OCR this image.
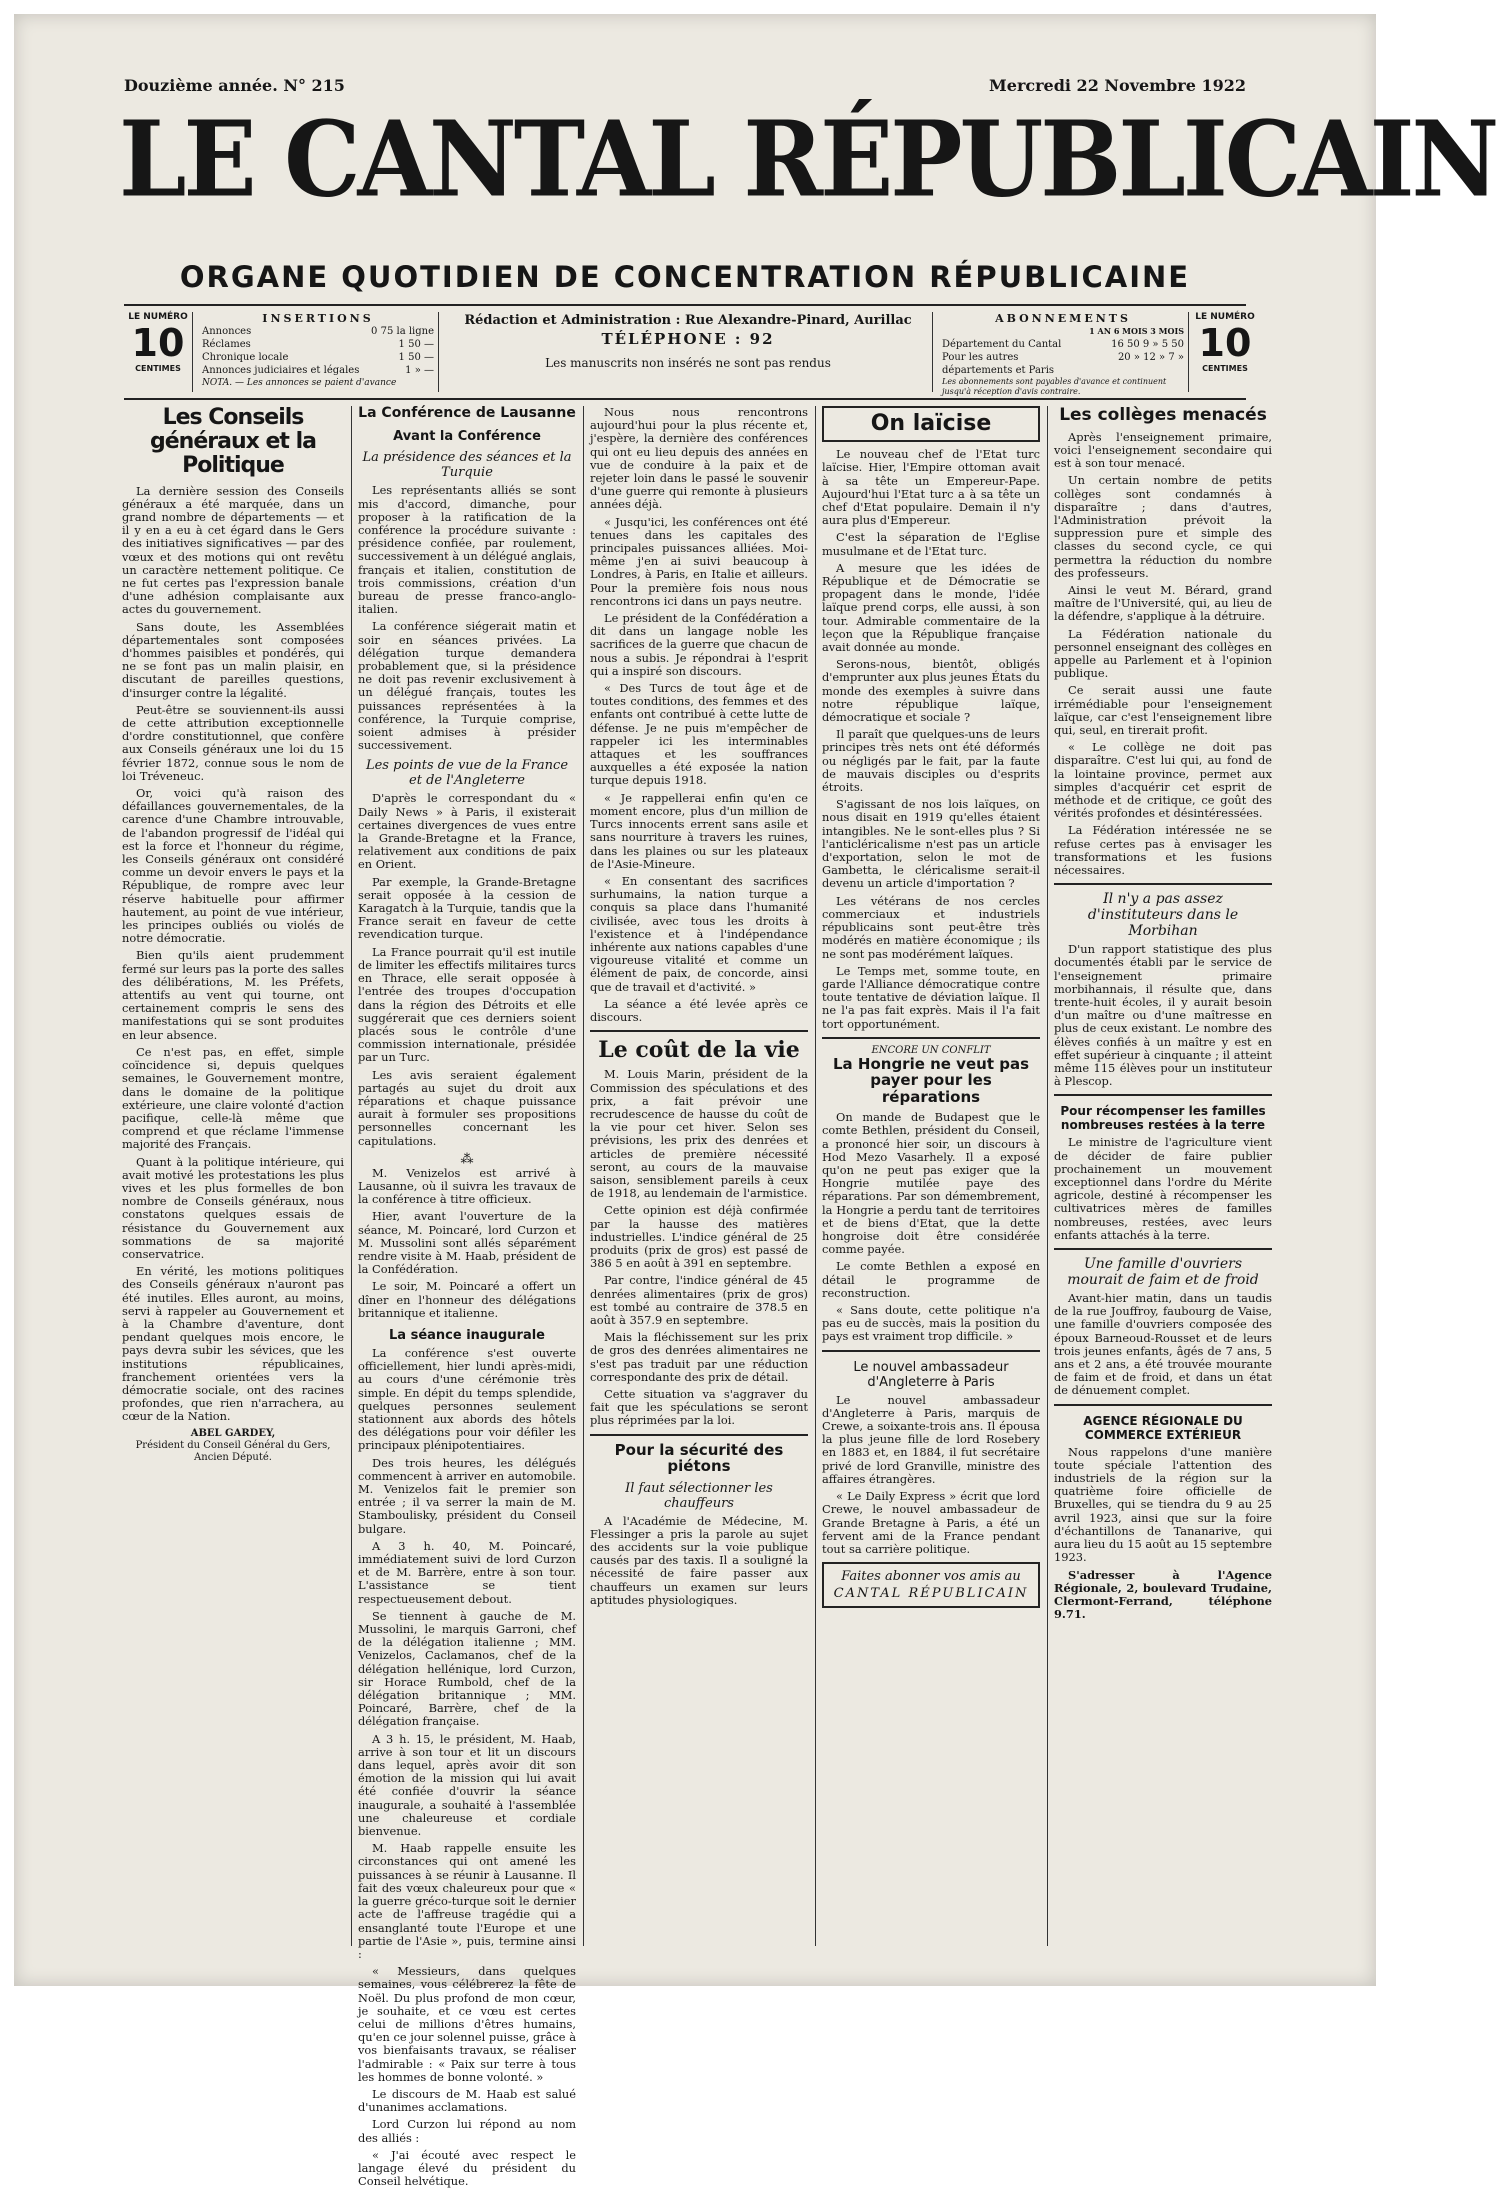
Douzième année. N° 215	Mercredi 22 Novembre 1922
LE CANTAL RÉPUBLICAIN
ORGANE QUOTIDIEN DE CONCENTRATION RÉPUBLICAINE
LE NUMÉRO
10
CENTIMES
INSERTIONS
Annonces	0 75 la ligne
Réclames	1 50 —
Chronique locale	1 50 —
Annonces judiciaires et légales	1 » —
NOTA. — Les annonces se paient d'avance
Rédaction et Administration : Rue Alexandre-Pinard, Aurillac
TÉLÉPHONE : 92
Les manuscrits non insérés ne sont pas rendus
ABONNEMENTS
1 AN 6 MOIS 3 MOIS
Département du Cantal	16 50 9 » 5 50
Pour les autres départements et Paris
20 » 12 » 7 »
Les abonnements sont payables d'avance et continuent jusqu'à réception d'avis contraire.
LE NUMÉRO
10
CENTIMES
Les Conseils généraux et la Politique

La dernière session des Conseils généraux a été marquée, dans un grand nombre de départements — et il y en a eu à cet égard dans le Gers des initiatives significatives — par des vœux et des motions qui ont revêtu un caractère nettement politique. Ce ne fut certes pas l'expression banale d'une adhésion complaisante aux actes du gouvernement.

Sans doute, les Assemblées départementales sont composées d'hommes paisibles et pondérés, qui ne se font pas un malin plaisir, en discutant de pareilles questions, d'insurger contre la légalité.

Peut-être se souviennent-ils aussi de cette attribution exceptionnelle d'ordre constitutionnel, que confère aux Conseils généraux une loi du 15 février 1872, connue sous le nom de loi Tréveneuc.

Or, voici qu'à raison des défaillances gouvernementales, de la carence d'une Chambre introuvable, de l'abandon progressif de l'idéal qui est la force et l'honneur du régime, les Conseils généraux ont considéré comme un devoir envers le pays et la République, de rompre avec leur réserve habituelle pour affirmer hautement, au point de vue intérieur, les principes oubliés ou violés de notre démocratie.

Bien qu'ils aient prudemment fermé sur leurs pas la porte des salles des délibérations, M. les Préfets, attentifs au vent qui tourne, ont certainement compris le sens des manifestations qui se sont produites en leur absence.

Ce n'est pas, en effet, simple coïncidence si, depuis quelques semaines, le Gouvernement montre, dans le domaine de la politique extérieure, une claire volonté d'action pacifique, celle-là même que comprend et que réclame l'immense majorité des Français.

Quant à la politique intérieure, qui avait motivé les protestations les plus vives et les plus formelles de bon nombre de Conseils généraux, nous constatons quelques essais de résistance du Gouvernement aux sommations de sa majorité conservatrice.

En vérité, les motions politiques des Conseils généraux n'auront pas été inutiles. Elles auront, au moins, servi à rappeler au Gouvernement et à la Chambre d'aventure, dont pendant quelques mois encore, le pays devra subir les sévices, que les institutions républicaines, franchement orientées vers la démocratie sociale, ont des racines profondes, que rien n'arrachera, au cœur de la Nation.

ABEL GARDEY,
Président du Conseil Général du Gers, Ancien Député.
La Conférence de Lausanne
Avant la Conférence
La présidence des séances et la Turquie

Les représentants alliés se sont mis d'accord, dimanche, pour proposer à la ratification de la conférence la procédure suivante : présidence confiée, par roulement, successivement à un délégué anglais, français et italien, constitution de trois commissions, création d'un bureau de presse franco-anglo-italien.

La conférence siégerait matin et soir en séances privées. La délégation turque demandera probablement que, si la présidence ne doit pas revenir exclusivement à un délégué français, toutes les puissances représentées à la conférence, la Turquie comprise, soient admises à présider successivement.

Les points de vue de la France et de l'Angleterre

D'après le correspondant du « Daily News » à Paris, il existerait certaines divergences de vues entre la Grande-Bretagne et la France, relativement aux conditions de paix en Orient.

Par exemple, la Grande-Bretagne serait opposée à la cession de Karagatch à la Turquie, tandis que la France serait en faveur de cette revendication turque.

La France pourrait qu'il est inutile de limiter les effectifs militaires turcs en Thrace, elle serait opposée à l'entrée des troupes d'occupation dans la région des Détroits et elle suggérerait que ces derniers soient placés sous le contrôle d'une commission internationale, présidée par un Turc.

Les avis seraient également partagés au sujet du droit aux réparations et chaque puissance aurait à formuler ses propositions personnelles concernant les capitulations.

⁂

M. Venizelos est arrivé à Lausanne, où il suivra les travaux de la conférence à titre officieux.

Hier, avant l'ouverture de la séance, M. Poincaré, lord Curzon et M. Mussolini sont allés séparément rendre visite à M. Haab, président de la Confédération.

Le soir, M. Poincaré a offert un dîner en l'honneur des délégations britannique et italienne.

La séance inaugurale

La conférence s'est ouverte officiellement, hier lundi après-midi, au cours d'une cérémonie très simple. En dépit du temps splendide, quelques personnes seulement stationnent aux abords des hôtels des délégations pour voir défiler les principaux plénipotentiaires.

Des trois heures, les délégués commencent à arriver en automobile. M. Venizelos fait le premier son entrée ; il va serrer la main de M. Stamboulisky, président du Conseil bulgare.

A 3 h. 40, M. Poincaré, immédiatement suivi de lord Curzon et de M. Barrère, entre à son tour. L'assistance se tient respectueusement debout.

Se tiennent à gauche de M. Mussolini, le marquis Garroni, chef de la délégation italienne ; MM. Venizelos, Caclamanos, chef de la délégation hellénique, lord Curzon, sir Horace Rumbold, chef de la délégation britannique ; MM. Poincaré, Barrère, chef de la délégation française.

A 3 h. 15, le président, M. Haab, arrive à son tour et lit un discours dans lequel, après avoir dit son émotion de la mission qui lui avait été confiée d'ouvrir la séance inaugurale, a souhaité à l'assemblée une chaleureuse et cordiale bienvenue.

M. Haab rappelle ensuite les circonstances qui ont amené les puissances à se réunir à Lausanne. Il fait des vœux chaleureux pour que « la guerre gréco-turque soit le dernier acte de l'affreuse tragédie qui a ensanglanté toute l'Europe et une partie de l'Asie », puis, termine ainsi :

« Messieurs, dans quelques semaines, vous célébrerez la fête de Noël. Du plus profond de mon cœur, je souhaite, et ce vœu est certes celui de millions d'êtres humains, qu'en ce jour solennel puisse, grâce à vos bienfaisants travaux, se réaliser l'admirable : « Paix sur terre à tous les hommes de bonne volonté. »

Le discours de M. Haab est salué d'unanimes acclamations.

Lord Curzon lui répond au nom des alliés :

« J'ai écouté avec respect le langage élevé du président du Conseil helvétique.

Nous nous rencontrons aujourd'hui pour la plus récente et, j'espère, la dernière des conférences qui ont eu lieu depuis des années en vue de conduire à la paix et de rejeter loin dans le passé le souvenir d'une guerre qui remonte à plusieurs années déjà.

« Jusqu'ici, les conférences ont été tenues dans les capitales des principales puissances alliées. Moi-même j'en ai suivi beaucoup à Londres, à Paris, en Italie et ailleurs. Pour la première fois nous nous rencontrons ici dans un pays neutre.

Le président de la Confédération a dit dans un langage noble les sacrifices de la guerre que chacun de nous a subis. Je répondrai à l'esprit qui a inspiré son discours.

« Des Turcs de tout âge et de toutes conditions, des femmes et des enfants ont contribué à cette lutte de défense. Je ne puis m'empêcher de rappeler ici les interminables attaques et les souffrances auxquelles a été exposée la nation turque depuis 1918.

« Je rappellerai enfin qu'en ce moment encore, plus d'un million de Turcs innocents errent sans asile et sans nourriture à travers les ruines, dans les plaines ou sur les plateaux de l'Asie-Mineure.

« En consentant des sacrifices surhumains, la nation turque a conquis sa place dans l'humanité civilisée, avec tous les droits à l'existence et à l'indépendance inhérente aux nations capables d'une vigoureuse vitalité et comme un élément de paix, de concorde, ainsi que de travail et d'activité. »

La séance a été levée après ce discours.

Le coût de la vie

M. Louis Marin, président de la Commission des spéculations et des prix, a fait prévoir une recrudescence de hausse du coût de la vie pour cet hiver. Selon ses prévisions, les prix des denrées et articles de première nécessité seront, au cours de la mauvaise saison, sensiblement pareils à ceux de 1918, au lendemain de l'armistice.

Cette opinion est déjà confirmée par la hausse des matières industrielles. L'indice général de 25 produits (prix de gros) est passé de 386 5 en août à 391 en septembre.

Par contre, l'indice général de 45 denrées alimentaires (prix de gros) est tombé au contraire de 378.5 en août à 357.9 en septembre.

Mais la fléchissement sur les prix de gros des denrées alimentaires ne s'est pas traduit par une réduction correspondante des prix de détail.

Cette situation va s'aggraver du fait que les spéculations se seront plus réprimées par la loi.

Pour la sécurité des piétons
Il faut sélectionner les chauffeurs

A l'Académie de Médecine, M. Flessinger a pris la parole au sujet des accidents sur la voie publique causés par des taxis. Il a souligné la nécessité de faire passer aux chauffeurs un examen sur leurs aptitudes physiologiques.

On laïcise

Le nouveau chef de l'Etat turc laïcise. Hier, l'Empire ottoman avait à sa tête un Empereur-Pape. Aujourd'hui l'Etat turc a à sa tête un chef d'Etat populaire. Demain il n'y aura plus d'Empereur.

C'est la séparation de l'Eglise musulmane et de l'Etat turc.

A mesure que les idées de République et de Démocratie se propagent dans le monde, l'idée laïque prend corps, elle aussi, à son tour. Admirable commentaire de la leçon que la République française avait donnée au monde.

Serons-nous, bientôt, obligés d'emprunter aux plus jeunes États du monde des exemples à suivre dans notre république laïque, démocratique et sociale ?

Il paraît que quelques-uns de leurs principes très nets ont été déformés ou négligés par le fait, par la faute de mauvais disciples ou d'esprits étroits.

S'agissant de nos lois laïques, on nous disait en 1919 qu'elles étaient intangibles. Ne le sont-elles plus ? Si l'anticléricalisme n'est pas un article d'exportation, selon le mot de Gambetta, le cléricalisme serait-il devenu un article d'importation ?

Les vétérans de nos cercles commerciaux et industriels républicains sont peut-être très modérés en matière économique ; ils ne sont pas modérément laïques.

Le Temps met, somme toute, en garde l'Alliance démocratique contre toute tentative de déviation laïque. Il ne l'a pas fait exprès. Mais il l'a fait tort opportunément.

ENCORE UN CONFLIT
La Hongrie ne veut pas payer pour les réparations

On mande de Budapest que le comte Bethlen, président du Conseil, a prononcé hier soir, un discours à Hod Mezo Vasarhely. Il a exposé qu'on ne peut pas exiger que la Hongrie mutilée paye des réparations. Par son démembrement, la Hongrie a perdu tant de territoires et de biens d'Etat, que la dette hongroise doit être considérée comme payée.

Le comte Bethlen a exposé en détail le programme de reconstruction.

« Sans doute, cette politique n'a pas eu de succès, mais la position du pays est vraiment trop difficile. »

Le nouvel ambassadeur d'Angleterre à Paris

Le nouvel ambassadeur d'Angleterre à Paris, marquis de Crewe, a soixante-trois ans. Il épousa la plus jeune fille de lord Rosebery en 1883 et, en 1884, il fut secrétaire privé de lord Granville, ministre des affaires étrangères.

« Le Daily Express » écrit que lord Crewe, le nouvel ambassadeur de Grande Bretagne à Paris, a été un fervent ami de la France pendant tout sa carrière politique.

Faites abonner vos amis au
CANTAL RÉPUBLICAIN
Les collèges menacés

Après l'enseignement primaire, voici l'enseignement secondaire qui est à son tour menacé.

Un certain nombre de petits collèges sont condamnés à disparaître ; dans d'autres, l'Administration prévoit la suppression pure et simple des classes du second cycle, ce qui permettra la réduction du nombre des professeurs.

Ainsi le veut M. Bérard, grand maître de l'Université, qui, au lieu de la défendre, s'applique à la détruire.

La Fédération nationale du personnel enseignant des collèges en appelle au Parlement et à l'opinion publique.

Ce serait aussi une faute irrémédiable pour l'enseignement laïque, car c'est l'enseignement libre qui, seul, en tirerait profit.

« Le collège ne doit pas disparaître. C'est lui qui, au fond de la lointaine province, permet aux simples d'acquérir cet esprit de méthode et de critique, ce goût des vérités profondes et désintéressées.

La Fédération intéressée ne se refuse certes pas à envisager les transformations et les fusions nécessaires.

Il n'y a pas assez d'instituteurs dans le Morbihan

D'un rapport statistique des plus documentés établi par le service de l'enseignement primaire morbihannais, il résulte que, dans trente-huit écoles, il y aurait besoin d'un maître ou d'une maîtresse en plus de ceux existant. Le nombre des élèves confiés à un maître y est en effet supérieur à cinquante ; il atteint même 115 élèves pour un instituteur à Plescop.

Pour récompenser les familles nombreuses restées à la terre

Le ministre de l'agriculture vient de décider de faire publier prochainement un mouvement exceptionnel dans l'ordre du Mérite agricole, destiné à récompenser les cultivatrices mères de familles nombreuses, restées, avec leurs enfants attachés à la terre.

Une famille d'ouvriers mourait de faim et de froid

Avant-hier matin, dans un taudis de la rue Jouffroy, faubourg de Vaise, une famille d'ouvriers composée des époux Barneoud-Rousset et de leurs trois jeunes enfants, âgés de 7 ans, 5 ans et 2 ans, a été trouvée mourante de faim et de froid, et dans un état de dénuement complet.

AGENCE RÉGIONALE DU COMMERCE EXTÉRIEUR

Nous rappelons d'une manière toute spéciale l'attention des industriels de la région sur la quatrième foire officielle de Bruxelles, qui se tiendra du 9 au 25 avril 1923, ainsi que sur la foire d'échantillons de Tananarive, qui aura lieu du 15 août au 15 septembre 1923.

S'adresser à l'Agence Régionale, 2, boulevard Trudaine, Clermont-Ferrand, téléphone 9.71.
